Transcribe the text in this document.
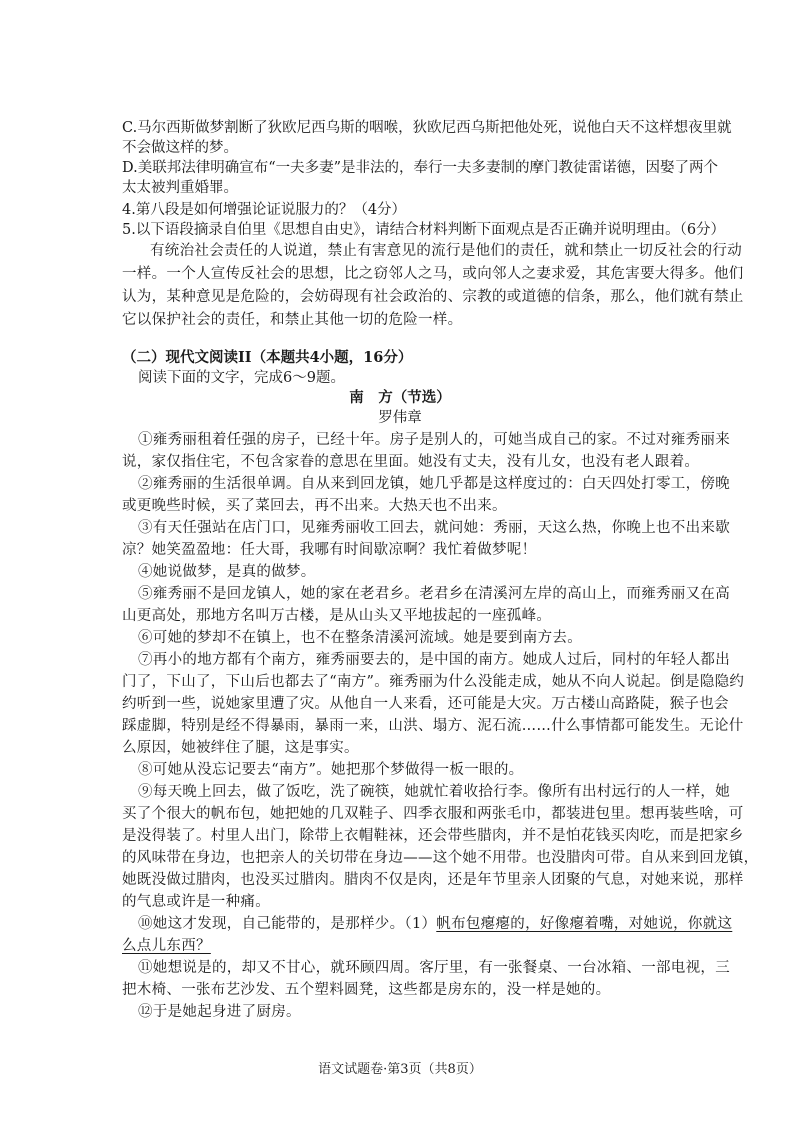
C.马尔西斯做梦割断了狄欧尼西乌斯的咽喉，狄欧尼西乌斯把他处死，说他白天不这样想夜里就
不会做这样的梦。
D.美联邦法律明确宣布“一夫多妻”是非法的，奉行一夫多妻制的摩门教徒雷诺德，因娶了两个
太太被判重婚罪。
4.第八段是如何增强论证说服力的？（4分）
5.以下语段摘录自伯里《思想自由史》，请结合材料判断下面观点是否正确并说明理由。（6分）
有统治社会责任的人说道，禁止有害意见的流行是他们的责任，就和禁止一切反社会的行动
一样。一个人宣传反社会的思想，比之窃邻人之马，或向邻人之妻求爱，其危害要大得多。他们
认为，某种意见是危险的，会妨碍现有社会政治的、宗教的或道德的信条，那么，他们就有禁止
它以保护社会的责任，和禁止其他一切的危险一样。
（二）现代文阅读II（本题共4小题，16分）
阅读下面的文字，完成6～9题。
南　方（节选）
罗伟章
①雍秀丽租着任强的房子，已经十年。房子是别人的，可她当成自己的家。不过对雍秀丽来
说，家仅指住宅，不包含家眷的意思在里面。她没有丈夫，没有儿女，也没有老人跟着。
②雍秀丽的生活很单调。自从来到回龙镇，她几乎都是这样度过的：白天四处打零工，傍晚
或更晚些时候，买了菜回去，再不出来。大热天也不出来。
③有天任强站在店门口，见雍秀丽收工回去，就问她：秀丽，天这么热，你晚上也不出来歇
凉？她笑盈盈地：任大哥，我哪有时间歇凉啊？我忙着做梦呢！
④她说做梦，是真的做梦。
⑤雍秀丽不是回龙镇人，她的家在老君乡。老君乡在清溪河左岸的高山上，而雍秀丽又在高
山更高处，那地方名叫万古楼，是从山头又平地拔起的一座孤峰。
⑥可她的梦却不在镇上，也不在整条清溪河流域。她是要到南方去。
⑦再小的地方都有个南方，雍秀丽要去的，是中国的南方。她成人过后，同村的年轻人都出
门了，下山了，下山后也都去了“南方”。雍秀丽为什么没能走成，她从不向人说起。倒是隐隐约
约听到一些，说她家里遭了灾。从他自一人来看，还可能是大灾。万古楼山高路陡，猴子也会
踩虚脚，特别是经不得暴雨，暴雨一来，山洪、塌方、泥石流……什么事情都可能发生。无论什
么原因，她被绊住了腿，这是事实。
⑧可她从没忘记要去“南方”。她把那个梦做得一板一眼的。
⑨每天晚上回去，做了饭吃，洗了碗筷，她就忙着收拾行李。像所有出村远行的人一样，她
买了个很大的帆布包，她把她的几双鞋子、四季衣服和两张毛巾，都装进包里。想再装些啥，可
是没得装了。村里人出门，除带上衣帽鞋袜，还会带些腊肉，并不是怕花钱买肉吃，而是把家乡
的风味带在身边，也把亲人的关切带在身边——这个她不用带。也没腊肉可带。自从来到回龙镇，
她既没做过腊肉，也没买过腊肉。腊肉不仅是肉，还是年节里亲人团聚的气息，对她来说，那样
的气息或许是一种痛。
⑩她这才发现，自己能带的，是那样少。（1）帆布包瘪瘪的，好像瘪着嘴，对她说，你就这
么点儿东西？
⑪她想说是的，却又不甘心，就环顾四周。客厅里，有一张餐桌、一台冰箱、一部电视，三
把木椅、一张布艺沙发、五个塑料圆凳，这些都是房东的，没一样是她的。
⑫于是她起身进了厨房。
语文试题卷·第3页（共8页）
